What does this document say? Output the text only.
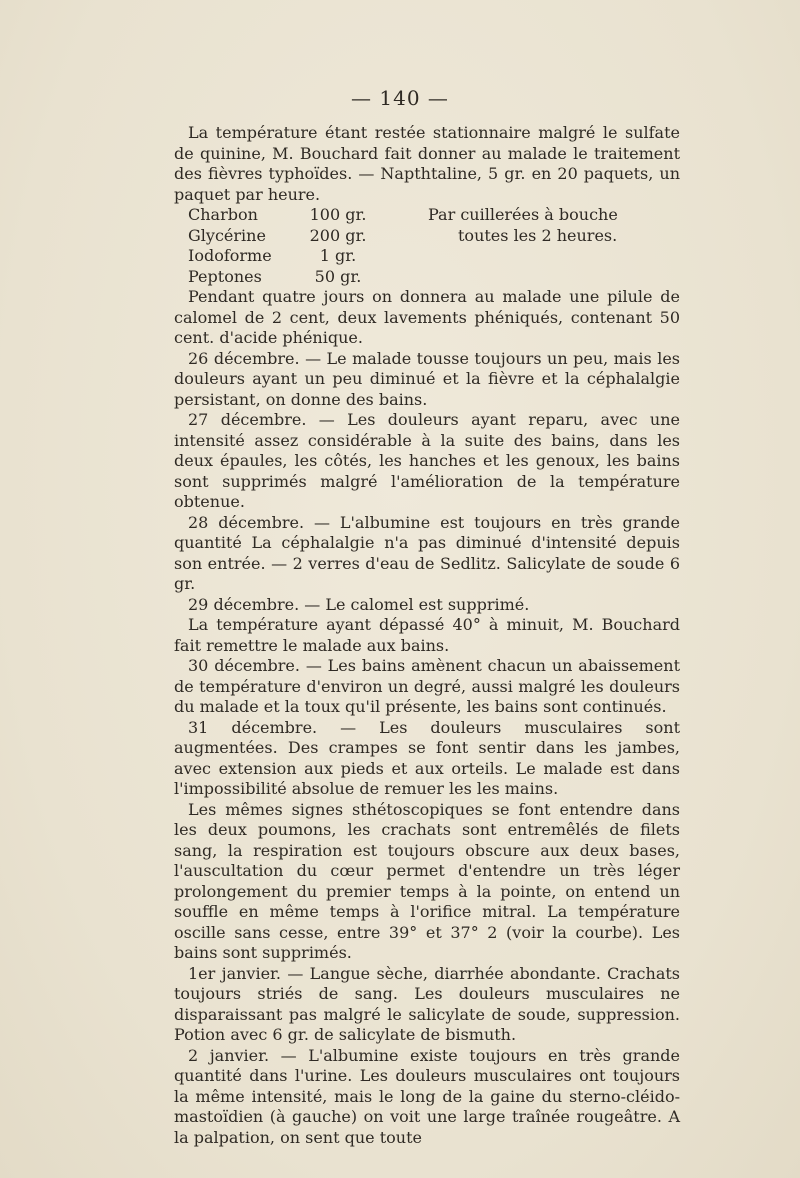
— 140 —

La température étant restée stationnaire malgré le sulfate de quinine, M. Bouchard fait donner au malade le traitement des fièvres typhoïdes. — Napthtaline, 5 gr. en 20 paquets, un paquet par heure.

Charbon	100 gr.	Par cuillerées à bouche
Glycérine	200 gr.	toutes les 2 heures.
Iodoforme	1 gr.
Peptones	50 gr.

Pendant quatre jours on donnera au malade une pilule de calomel de 2 cent, deux lavements phéniqués, contenant 50 cent. d'acide phénique.

26 décembre. — Le malade tousse toujours un peu, mais les douleurs ayant un peu diminué et la fièvre et la céphalalgie persistant, on donne des bains.

27 décembre. — Les douleurs ayant reparu, avec une intensité assez considérable à la suite des bains, dans les deux épaules, les côtés, les hanches et les genoux, les bains sont supprimés malgré l'amélioration de la température obtenue.

28 décembre. — L'albumine est toujours en très grande quantité La céphalalgie n'a pas diminué d'intensité depuis son entrée. — 2 verres d'eau de Sedlitz. Salicylate de soude 6 gr.

29 décembre. — Le calomel est supprimé.

La température ayant dépassé 40° à minuit, M. Bouchard fait remettre le malade aux bains.

30 décembre. — Les bains amènent chacun un abaissement de température d'environ un degré, aussi malgré les douleurs du malade et la toux qu'il présente, les bains sont continués.

31 décembre. — Les douleurs musculaires sont augmentées. Des crampes se font sentir dans les jambes, avec extension aux pieds et aux orteils. Le malade est dans l'impossibilité absolue de remuer les les mains.

Les mêmes signes sthétoscopiques se font entendre dans les deux poumons, les crachats sont entremêlés de filets sang, la respiration est toujours obscure aux deux bases, l'auscultation du cœur permet d'entendre un très léger prolongement du premier temps à la pointe, on entend un souffle en même temps à l'orifice mitral. La température oscille sans cesse, entre 39° et 37° 2 (voir la courbe). Les bains sont supprimés.

1er janvier. — Langue sèche, diarrhée abondante. Crachats toujours striés de sang. Les douleurs musculaires ne disparaissant pas malgré le salicylate de soude, suppression. Potion avec 6 gr. de salicylate de bismuth.

2 janvier. — L'albumine existe toujours en très grande quantité dans l'urine. Les douleurs musculaires ont toujours la même intensité, mais le long de la gaine du sterno-cléido-mastoïdien (à gauche) on voit une large traînée rougeâtre. A la palpation, on sent que toute
